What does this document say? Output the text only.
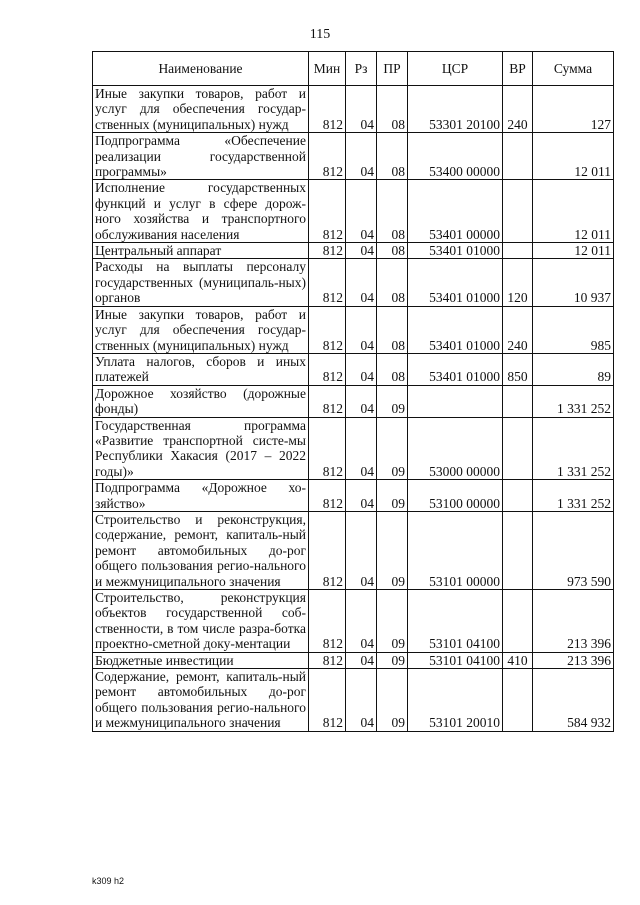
115
Наименование	Мин	Рз	ПР	ЦСР	ВР	Сумма
Иные закупки товаров, работ и услуг для обеспечения государ-ственных (муниципальных) нужд	812	04	08	53301 20100	240	127
Подпрограмма «Обеспечение реализации государственной программы»	812	04	08	53400 00000		12 011
Исполнение государственных функций и услуг в сфере дорож-ного хозяйства и транспортного обслуживания населения	812	04	08	53401 00000		12 011
Центральный аппарат	812	04	08	53401 01000		12 011
Расходы на выплаты персоналу государственных (муниципаль-ных) органов	812	04	08	53401 01000	120	10 937
Иные закупки товаров, работ и услуг для обеспечения государ-ственных (муниципальных) нужд	812	04	08	53401 01000	240	985
Уплата налогов, сборов и иных платежей	812	04	08	53401 01000	850	89
Дорожное хозяйство (дорожные фонды)	812	04	09			1 331 252
Государственная программа «Развитие транспортной систе-мы Республики Хакасия (2017 – 2022 годы)»	812	04	09	53000 00000		1 331 252
Подпрограмма «Дорожное хо-зяйство»	812	04	09	53100 00000		1 331 252
Строительство и реконструкция, содержание, ремонт, капиталь-ный ремонт автомобильных до-рог общего пользования регио-нального и межмуниципального значения	812	04	09	53101 00000		973 590
Строительство, реконструкция объектов государственной соб-ственности, в том числе разра-ботка проектно-сметной доку-ментации	812	04	09	53101 04100		213 396
Бюджетные инвестиции	812	04	09	53101 04100	410	213 396
Содержание, ремонт, капиталь-ный ремонт автомобильных до-рог общего пользования регио-нального и межмуниципального значения	812	04	09	53101 20010		584 932
k309 h2
